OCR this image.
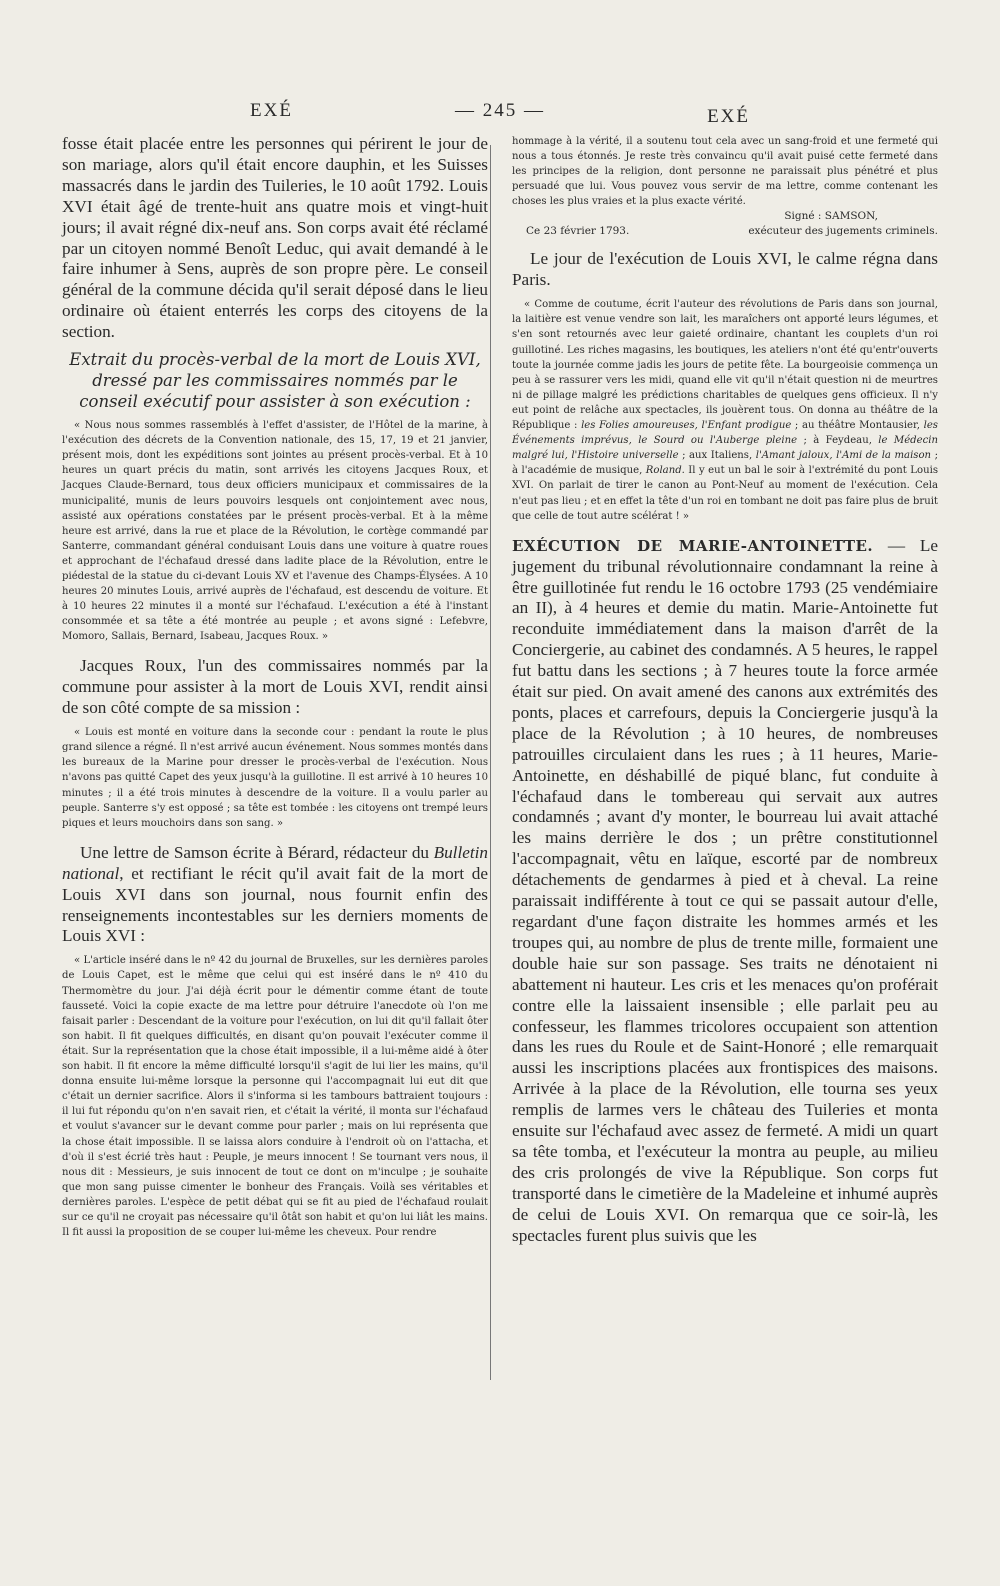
EXÉ	— 245 —	EXÉ

fosse était placée entre les personnes qui périrent le jour de son mariage, alors qu'il était encore dauphin, et les Suisses massacrés dans le jardin des Tuileries, le 10 août 1792. Louis XVI était âgé de trente-huit ans quatre mois et vingt-huit jours; il avait régné dix-neuf ans. Son corps avait été réclamé par un citoyen nommé Benoît Leduc, qui avait demandé à le faire inhumer à Sens, auprès de son propre père. Le conseil général de la commune décida qu'il serait déposé dans le lieu ordinaire où étaient enterrés les corps des citoyens de la section.

Extrait du procès-verbal de la mort de Louis XVI, dressé par les commissaires nommés par le conseil exécutif pour assister à son exécution :

« Nous nous sommes rassemblés à l'effet d'assister, de l'Hôtel de la marine, à l'exécution des décrets de la Convention nationale, des 15, 17, 19 et 21 janvier, présent mois, dont les expéditions sont jointes au présent procès-verbal. Et à 10 heures un quart précis du matin, sont arrivés les citoyens Jacques Roux, et Jacques Claude-Bernard, tous deux officiers municipaux et commissaires de la municipalité, munis de leurs pouvoirs lesquels ont conjointement avec nous, assisté aux opérations constatées par le présent procès-verbal. Et à la même heure est arrivé, dans la rue et place de la Révolution, le cortège commandé par Santerre, commandant général conduisant Louis dans une voiture à quatre roues et approchant de l'échafaud dressé dans ladite place de la Révolution, entre le piédestal de la statue du ci-devant Louis XV et l'avenue des Champs-Élysées. A 10 heures 20 minutes Louis, arrivé auprès de l'échafaud, est descendu de voiture. Et à 10 heures 22 minutes il a monté sur l'échafaud. L'exécution a été à l'instant consommée et sa tête a été montrée au peuple ; et avons signé : Lefebvre, Momoro, Sallais, Bernard, Isabeau, Jacques Roux. »

Jacques Roux, l'un des commissaires nommés par la commune pour assister à la mort de Louis XVI, rendit ainsi de son côté compte de sa mission :

« Louis est monté en voiture dans la seconde cour : pendant la route le plus grand silence a régné. Il n'est arrivé aucun événement. Nous sommes montés dans les bureaux de la Marine pour dresser le procès-verbal de l'exécution. Nous n'avons pas quitté Capet des yeux jusqu'à la guillotine. Il est arrivé à 10 heures 10 minutes ; il a été trois minutes à descendre de la voiture. Il a voulu parler au peuple. Santerre s'y est opposé ; sa tête est tombée : les citoyens ont trempé leurs piques et leurs mouchoirs dans son sang. »

Une lettre de Samson écrite à Bérard, rédacteur du Bulletin national, et rectifiant le récit qu'il avait fait de la mort de Louis XVI dans son journal, nous fournit enfin des renseignements incontestables sur les derniers moments de Louis XVI :

« L'article inséré dans le nº 42 du journal de Bruxelles, sur les dernières paroles de Louis Capet, est le même que celui qui est inséré dans le nº 410 du Thermomètre du jour. J'ai déjà écrit pour le démentir comme étant de toute fausseté. Voici la copie exacte de ma lettre pour détruire l'anecdote où l'on me faisait parler : Descendant de la voiture pour l'exécution, on lui dit qu'il fallait ôter son habit. Il fit quelques difficultés, en disant qu'on pouvait l'exécuter comme il était. Sur la représentation que la chose était impossible, il a lui-même aidé à ôter son habit. Il fit encore la même difficulté lorsqu'il s'agit de lui lier les mains, qu'il donna ensuite lui-même lorsque la personne qui l'accompagnait lui eut dit que c'était un dernier sacrifice. Alors il s'informa si les tambours battraient toujours : il lui fut répondu qu'on n'en savait rien, et c'était la vérité, il monta sur l'échafaud et voulut s'avancer sur le devant comme pour parler ; mais on lui représenta que la chose était impossible. Il se laissa alors conduire à l'endroit où on l'attacha, et d'où il s'est écrié très haut : Peuple, je meurs innocent ! Se tournant vers nous, il nous dit : Messieurs, je suis innocent de tout ce dont on m'inculpe ; je souhaite que mon sang puisse cimenter le bonheur des Français. Voilà ses véritables et dernières paroles. L'espèce de petit débat qui se fit au pied de l'échafaud roulait sur ce qu'il ne croyait pas nécessaire qu'il ôtât son habit et qu'on lui liât les mains. Il fit aussi la proposition de se couper lui-même les cheveux. Pour rendre

hommage à la vérité, il a soutenu tout cela avec un sang-froid et une fermeté qui nous a tous étonnés. Je reste très convaincu qu'il avait puisé cette fermeté dans les principes de la religion, dont personne ne paraissait plus pénétré et plus persuadé que lui. Vous pouvez vous servir de ma lettre, comme contenant les choses les plus vraies et la plus exacte vérité.

Signé : SAMSON,
Ce 23 février 1793.	exécuteur des jugements criminels.

Le jour de l'exécution de Louis XVI, le calme régna dans Paris.

« Comme de coutume, écrit l'auteur des révolutions de Paris dans son journal, la laitière est venue vendre son lait, les maraîchers ont apporté leurs légumes, et s'en sont retournés avec leur gaieté ordinaire, chantant les couplets d'un roi guillotiné. Les riches magasins, les boutiques, les ateliers n'ont été qu'entr'ouverts toute la journée comme jadis les jours de petite fête. La bourgeoisie commença un peu à se rassurer vers les midi, quand elle vit qu'il n'était question ni de meurtres ni de pillage malgré les prédictions charitables de quelques gens officieux. Il n'y eut point de relâche aux spectacles, ils jouèrent tous. On donna au théâtre de la République : les Folies amoureuses, l'Enfant prodigue ; au théâtre Montausier, les Événements imprévus, le Sourd ou l'Auberge pleine ; à Feydeau, le Médecin malgré lui, l'Histoire universelle ; aux Italiens, l'Amant jaloux, l'Ami de la maison ; à l'académie de musique, Roland. Il y eut un bal le soir à l'extrémité du pont Louis XVI. On parlait de tirer le canon au Pont-Neuf au moment de l'exécution. Cela n'eut pas lieu ; et en effet la tête d'un roi en tombant ne doit pas faire plus de bruit que celle de tout autre scélérat ! »

EXÉCUTION DE MARIE-ANTOINETTE. — Le jugement du tribunal révolutionnaire condamnant la reine à être guillotinée fut rendu le 16 octobre 1793 (25 vendémiaire an II), à 4 heures et demie du matin. Marie-Antoinette fut reconduite immédiatement dans la maison d'arrêt de la Conciergerie, au cabinet des condamnés. A 5 heures, le rappel fut battu dans les sections ; à 7 heures toute la force armée était sur pied. On avait amené des canons aux extrémités des ponts, places et carrefours, depuis la Conciergerie jusqu'à la place de la Révolution ; à 10 heures, de nombreuses patrouilles circulaient dans les rues ; à 11 heures, Marie-Antoinette, en déshabillé de piqué blanc, fut conduite à l'échafaud dans le tombereau qui servait aux autres condamnés ; avant d'y monter, le bourreau lui avait attaché les mains derrière le dos ; un prêtre constitutionnel l'accompagnait, vêtu en laïque, escorté par de nombreux détachements de gendarmes à pied et à cheval. La reine paraissait indifférente à tout ce qui se passait autour d'elle, regardant d'une façon distraite les hommes armés et les troupes qui, au nombre de plus de trente mille, formaient une double haie sur son passage. Ses traits ne dénotaient ni abattement ni hauteur. Les cris et les menaces qu'on proférait contre elle la laissaient insensible ; elle parlait peu au confesseur, les flammes tricolores occupaient son attention dans les rues du Roule et de Saint-Honoré ; elle remarquait aussi les inscriptions placées aux frontispices des maisons. Arrivée à la place de la Révolution, elle tourna ses yeux remplis de larmes vers le château des Tuileries et monta ensuite sur l'échafaud avec assez de fermeté. A midi un quart sa tête tomba, et l'exécuteur la montra au peuple, au milieu des cris prolongés de vive la République. Son corps fut transporté dans le cimetière de la Madeleine et inhumé auprès de celui de Louis XVI. On remarqua que ce soir-là, les spectacles furent plus suivis que les
